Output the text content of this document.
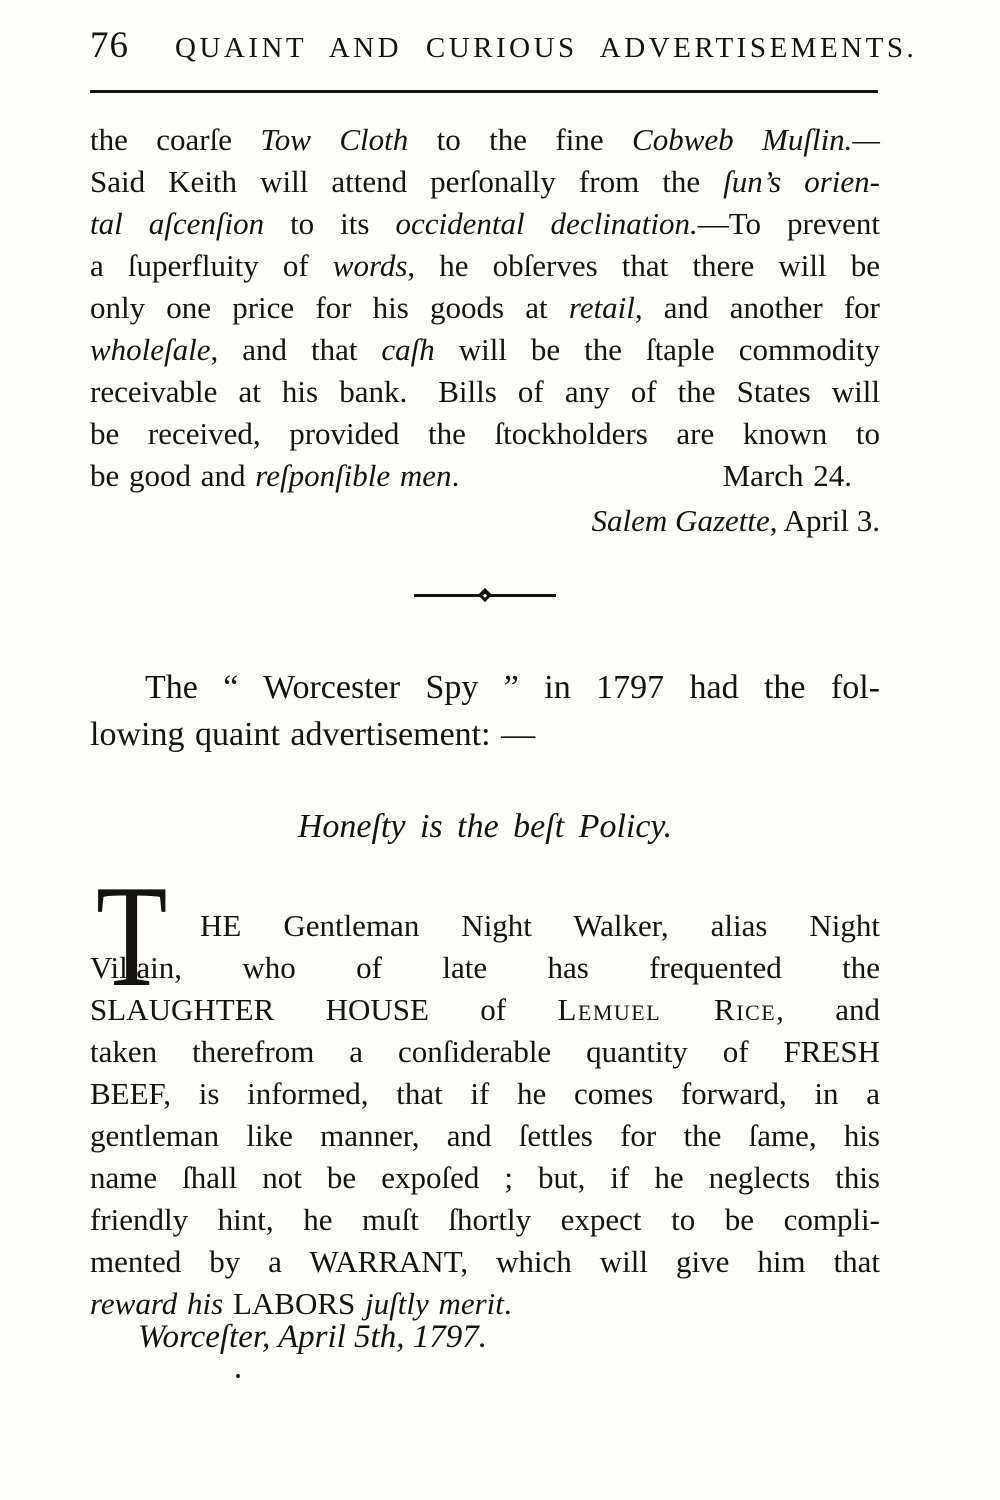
76 QUAINT AND CURIOUS ADVERTISEMENTS.
the coarſe Tow Cloth to the fine Cobweb Muſlin.—
Said Keith will attend perſonally from the ſun’s orien-
tal aſcenſion to its occidental declination.—To prevent
a ſuperfluity of words, he obſerves that there will be
only one price for his goods at retail, and another for
wholeſale, and that caſh will be the ſtaple commodity
receivable at his bank.  Bills of any of the States will
be received, provided the ſtockholders are known to
be good and reſponſible men.	March 24.
Salem Gazette, April 3.
The “ Worcester Spy ” in 1797 had the fol-
lowing quaint advertisement: —
Honeſty is the beſt Policy.
T	HE Gentleman Night Walker, alias Night
Villain, who of late has frequented the
SLAUGHTER HOUSE of Lemuel Rice, and
taken therefrom a conſiderable quantity of FRESH
BEEF, is informed, that if he comes forward, in a
gentleman like manner, and ſettles for the ſame, his
name ſhall not be expoſed ; but, if he neglects this
friendly hint, he muſt ſhortly expect to be compli-
mented by a WARRANT, which will give him that
reward his LABORS juſtly merit.
Worceſter, April 5th, 1797.
